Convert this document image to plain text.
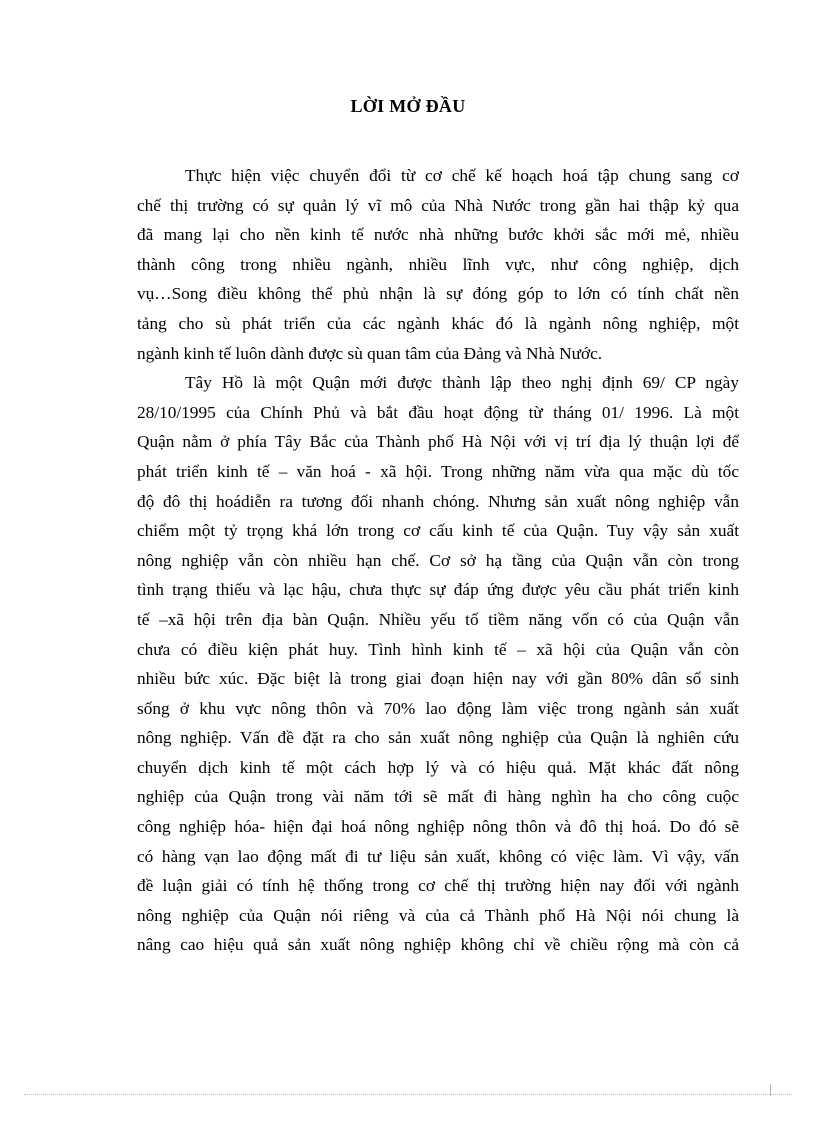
LỜI MỞ ĐẦU
Thực hiện việc chuyển đổi từ cơ chế kế hoạch hoá tập chung sang cơ
chế thị trường có sự quản lý vĩ mô của Nhà Nước trong gần hai thập kỷ qua
đã mang lại cho nền kinh tế nước nhà những bước khởi sắc mới mẻ, nhiều
thành công trong nhiều ngành, nhiều lĩnh vực, như công nghiệp, dịch
vụ…Song điều không thể phủ nhận là sự đóng góp to lớn có tính chất nền
tảng cho sù phát triển của các ngành khác đó là ngành nông nghiệp, một
ngành kinh tế luôn dành được sù quan tâm của Đảng và Nhà Nước.
Tây Hồ là một Quận mới được thành lập theo nghị định 69/ CP ngày
28/10/1995 của Chính Phủ và bắt đầu hoạt động từ tháng 01/ 1996. Là một
Quận nằm ở phía Tây Bắc của Thành phố Hà Nội với vị trí địa lý thuận lợi để
phát triển kinh tế – văn hoá - xã hội. Trong những năm vừa qua mặc dù tốc
độ đô thị hoádiễn ra tương đối nhanh chóng. Nhưng sản xuất nông nghiệp vẫn
chiếm một tỷ trọng khá lớn trong cơ cấu kinh tế của Quận. Tuy vậy sản xuất
nông nghiệp vẫn còn nhiều hạn chế. Cơ sở hạ tầng của Quận vẫn còn trong
tình trạng thiếu và lạc hậu, chưa thực sự đáp ứng được yêu cầu phát triển kinh
tế –xã hội trên địa bàn Quận. Nhiều yếu tố tiềm năng vốn có của Quận vẫn
chưa có điều kiện phát huy. Tình hình kinh tế – xã hội của Quận vẫn còn
nhiều bức xúc. Đặc biệt là trong giai đoạn hiện nay với gần 80% dân số sinh
sống ở khu vực nông thôn và 70% lao động làm việc trong ngành sản xuất
nông nghiệp. Vấn đề đặt ra cho sản xuất nông nghiệp của Quận là nghiên cứu
chuyển dịch kinh tế một cách hợp lý và có hiệu quả. Mặt khác đất nông
nghiệp của Quận trong vài năm tới sẽ mất đi hàng nghìn ha cho công cuộc
công nghiệp hóa- hiện đại hoá nông nghiệp nông thôn và đô thị hoá. Do đó sẽ
có hàng vạn lao động mất đi tư liệu sản xuất, không có việc làm. Vì vậy, vấn
đề luận giải có tính hệ thống trong cơ chế thị trường hiện nay đối với ngành
nông nghiệp của Quận nói riêng và của cả Thành phố Hà Nội nói chung là
nâng cao hiệu quả sản xuất nông nghiệp không chỉ về chiều rộng mà còn cả
